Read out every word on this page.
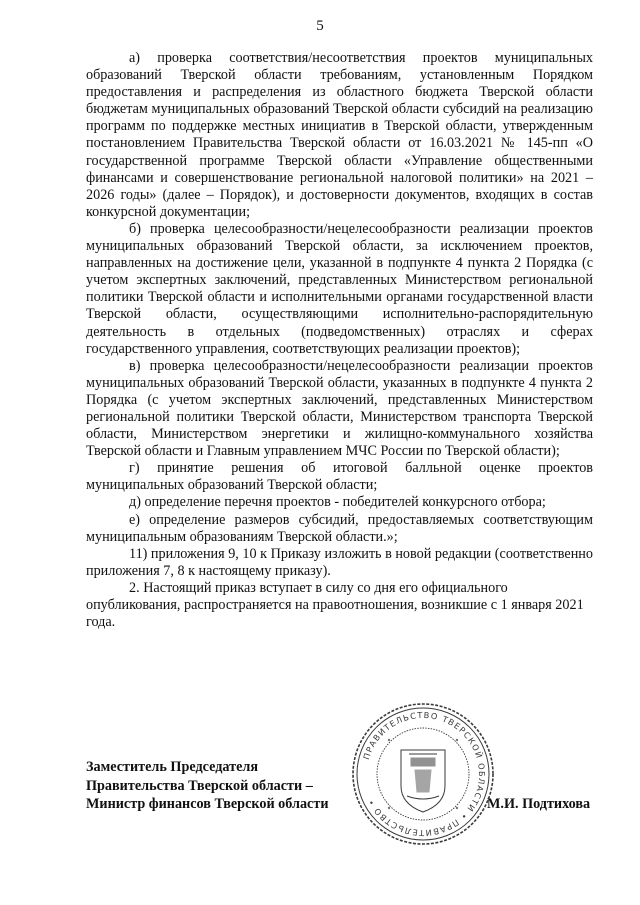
5

а) проверка соответствия/несоответствия проектов муниципальных образований Тверской области требованиям, установленным Порядком предоставления и распределения из областного бюджета Тверской области бюджетам муниципальных образований Тверской области субсидий на реализацию программ по поддержке местных инициатив в Тверской области, утвержденным постановлением Правительства Тверской области от 16.03.2021 № 145-пп «О государственной программе Тверской области «Управление общественными финансами и совершенствование региональной налоговой политики» на 2021 – 2026 годы» (далее – Порядок), и достоверности документов, входящих в состав конкурсной документации;

б) проверка целесообразности/нецелесообразности реализации проектов муниципальных образований Тверской области, за исключением проектов, направленных на достижение цели, указанной в подпункте 4 пункта 2 Порядка (с учетом экспертных заключений, представленных Министерством региональной политики Тверской области и исполнительными органами государственной власти Тверской области, осуществляющими исполнительно-распорядительную деятельность в отдельных (подведомственных) отраслях и сферах государственного управления, соответствующих реализации проектов);

в) проверка целесообразности/нецелесообразности реализации проектов муниципальных образований Тверской области, указанных в подпункте 4 пункта 2 Порядка (с учетом экспертных заключений, представленных Министерством региональной политики Тверской области, Министерством транспорта Тверской области, Министерством энергетики и жилищно-коммунального хозяйства Тверской области и Главным управлением МЧС России по Тверской области);

г) принятие решения об итоговой балльной оценке проектов муниципальных образований Тверской области;

д) определение перечня проектов - победителей конкурсного отбора;

е) определение размеров субсидий, предоставляемых соответствующим муниципальным образованиям Тверской области.»;

11) приложения 9, 10 к Приказу изложить в новой редакции (соответственно приложения 7, 8 к настоящему приказу).

2. Настоящий приказ вступает в силу со дня его официального опубликования, распространяется на правоотношения, возникшие с 1 января 2021 года.

ПРАВИТЕЛЬСТВО ТВЕРСКОЙ ОБЛАСТИ • ПРАВИТЕЛЬСТВО •
Заместитель Председателя
Правительства Тверской области –
Министр финансов Тверской области	М.И. Подтихова
